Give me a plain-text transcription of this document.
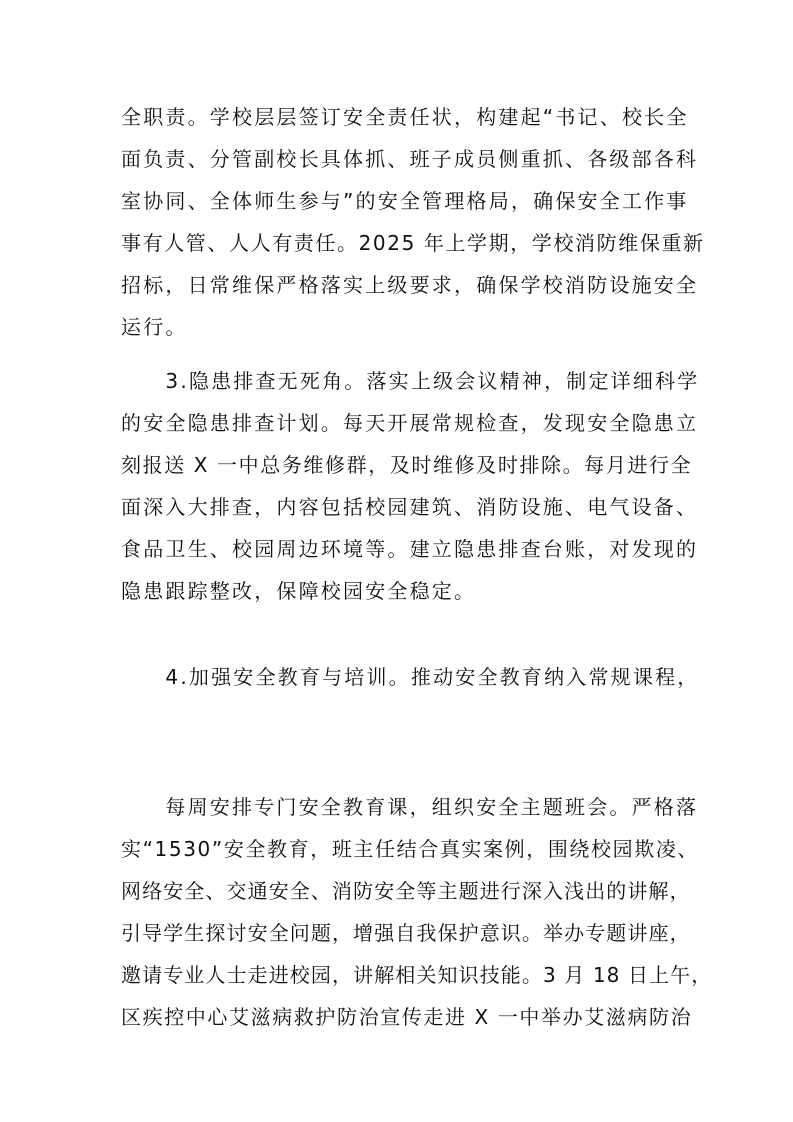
全职责。学校层层签订安全责任状，构建起“书记、校长全
面负责、分管副校长具体抓、班子成员侧重抓、各级部各科
室协同、全体师生参与”的安全管理格局，确保安全工作事
事有人管、人人有责任。2025 年上学期，学校消防维保重新
招标，日常维保严格落实上级要求，确保学校消防设施安全
运行。
　　3.隐患排查无死角。落实上级会议精神，制定详细科学
的安全隐患排查计划。每天开展常规检查，发现安全隐患立
刻报送 X 一中总务维修群，及时维修及时排除。每月进行全
面深入大排查，内容包括校园建筑、消防设施、电气设备、
食品卫生、校园周边环境等。建立隐患排查台账，对发现的
隐患跟踪整改，保障校园安全稳定。
　　4.加强安全教育与培训。推动安全教育纳入常规课程，
　　每周安排专门安全教育课，组织安全主题班会。严格落
实“1530”安全教育，班主任结合真实案例，围绕校园欺凌、
网络安全、交通安全、消防安全等主题进行深入浅出的讲解，
引导学生探讨安全问题，增强自我保护意识。举办专题讲座，
邀请专业人士走进校园，讲解相关知识技能。3 月 18 日上午，
区疾控中心艾滋病救护防治宣传走进 X 一中举办艾滋病防治
